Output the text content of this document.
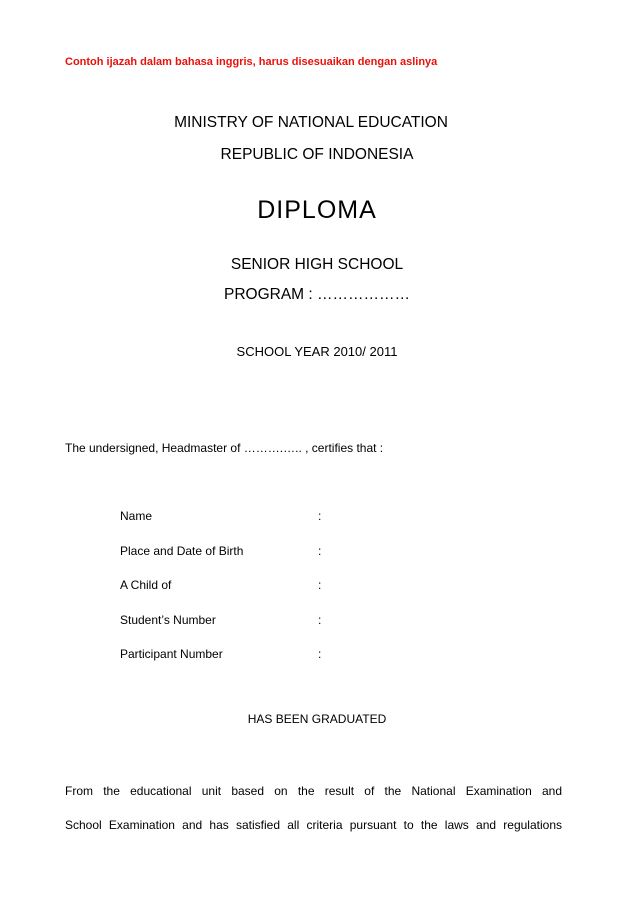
Contoh ijazah dalam bahasa inggris, harus disesuaikan dengan aslinya
MINISTRY OF NATIONAL EDUCATION
REPUBLIC OF INDONESIA
DIPLOMA
SENIOR HIGH SCHOOL
PROGRAM : ………………
SCHOOL YEAR 2010/ 2011
The undersigned, Headmaster of ……….….. , certifies that :
Name	:
Place and Date of Birth	:
A Child of	:
Student’s Number	:
Participant Number	:
HAS BEEN GRADUATED
From the educational unit based on the result of the National Examination and
School Examination and has satisfied all criteria pursuant to the laws and regulations
